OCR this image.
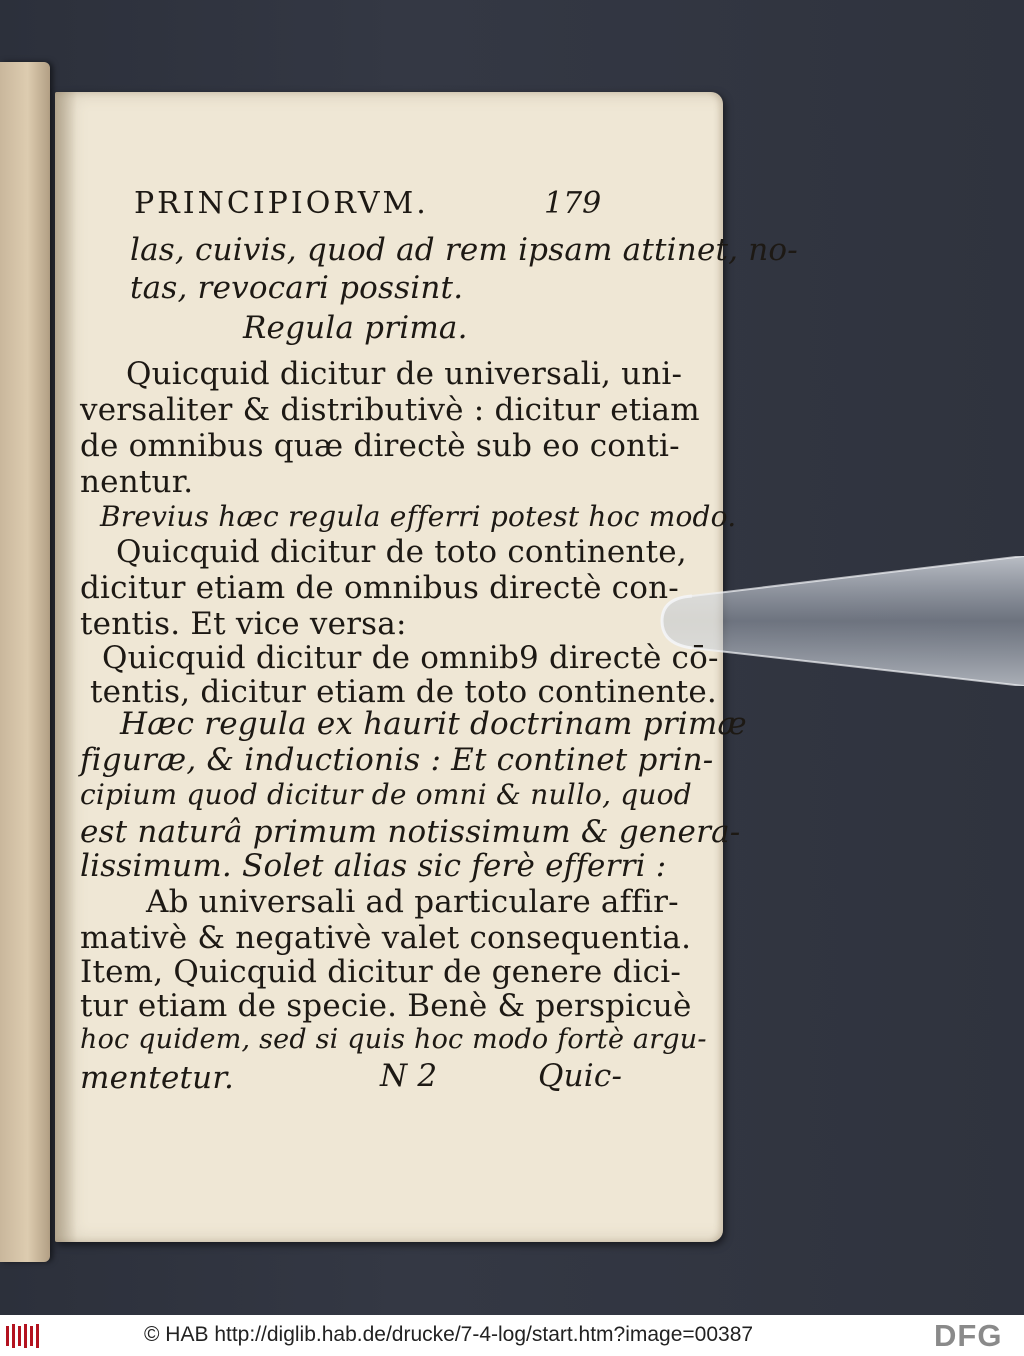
PRINCIPIORVM.	179
las, cuivis, quod ad rem ipsam attinet, no-
tas, revocari possint.
Regula prima.
Quicquid dicitur de universali, uni-
versaliter & distributivè : dicitur etiam
de omnibus quæ directè sub eo conti-
nentur.
Brevius hæc regula efferri potest hoc modo.
Quicquid dicitur de toto continente,
dicitur etiam de omnibus directè con-
tentis. Et vice versa:
Quicquid dicitur de omnib9 directè cō-
tentis, dicitur etiam de toto continente.
Hæc regula ex haurit doctrinam primæ
figuræ, & inductionis : Et continet prin-
cipium quod dicitur de omni & nullo, quod
est naturâ primum notissimum & genera-
lissimum. Solet alias sic ferè efferri :
Ab universali ad particulare affir-
mativè & negativè valet consequentia.
Item, Quicquid dicitur de genere dici-
tur etiam de specie. Benè & perspicuè
hoc quidem, sed si quis hoc modo fortè argu-
mentetur.	N 2	Quic-
© HAB http://diglib.hab.de/drucke/7-4-log/start.htm?image=00387	DFG
